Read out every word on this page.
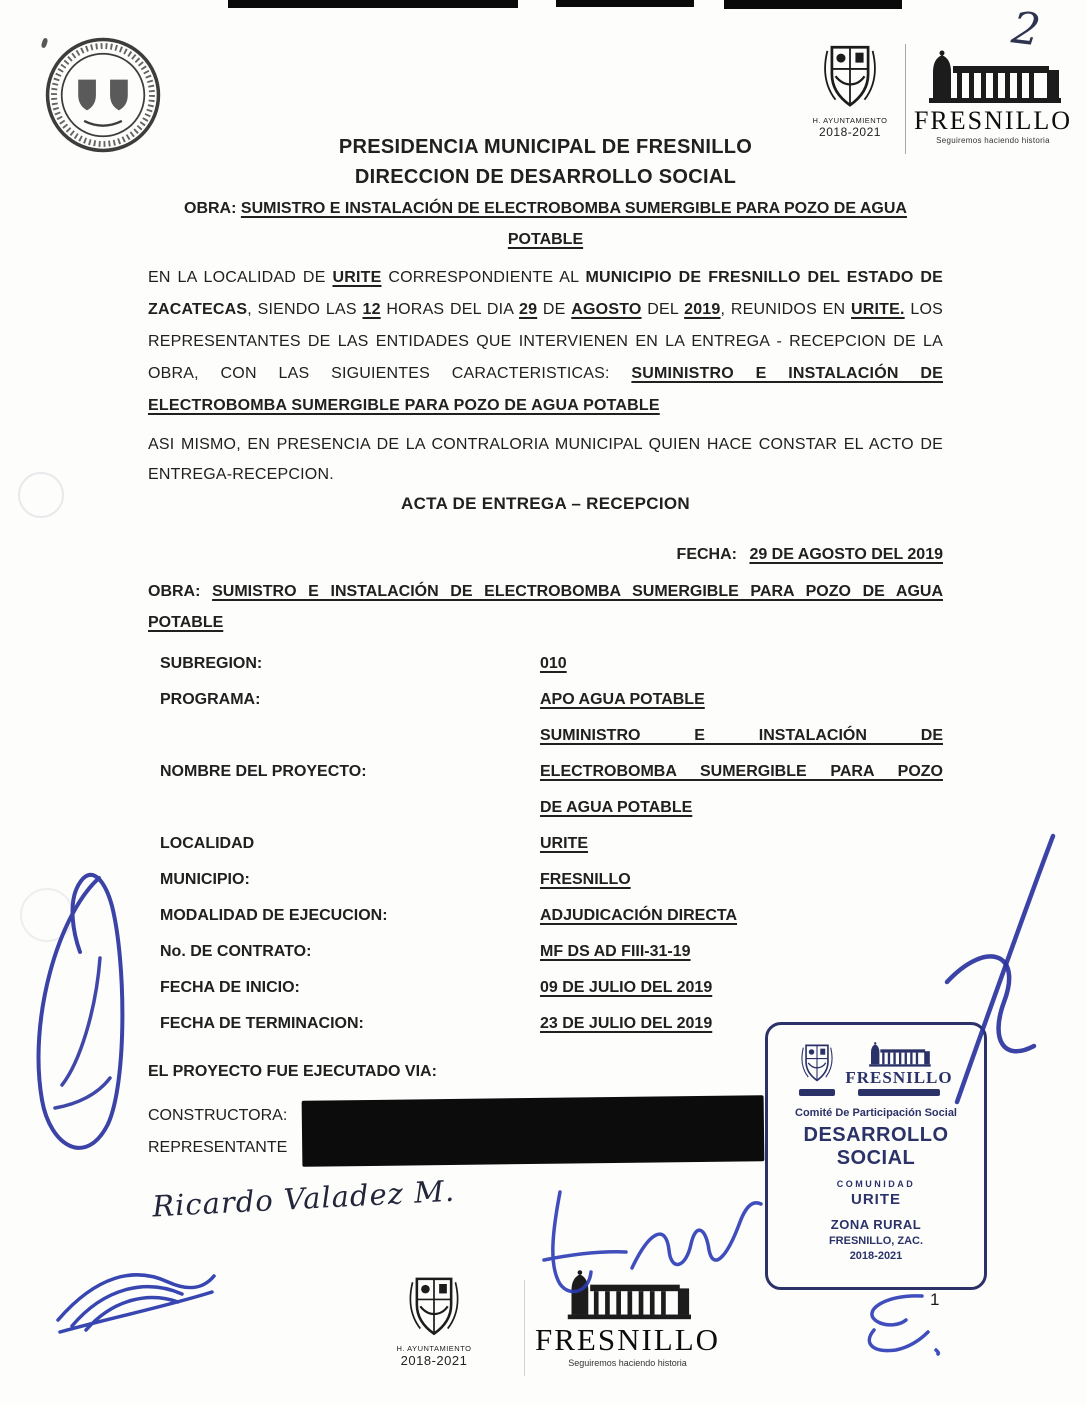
2
H. AYUNTAMIENTO
2018-2021	FRESNILLO
Seguiremos haciendo historia
PRESIDENCIA MUNICIPAL DE FRESNILLO
DIRECCION DE DESARROLLO SOCIAL
OBRA: SUMISTRO E INSTALACIÓN DE ELECTROBOMBA SUMERGIBLE PARA POZO DE AGUA
POTABLE

EN LA LOCALIDAD DE URITE CORRESPONDIENTE AL MUNICIPIO DE FRESNILLO DEL ESTADO DE ZACATECAS, SIENDO LAS 12 HORAS DEL DIA 29 DE AGOSTO DEL 2019, REUNIDOS EN URITE. LOS REPRESENTANTES DE LAS ENTIDADES QUE INTERVIENEN EN LA ENTREGA - RECEPCION DE LA OBRA, CON LAS SIGUIENTES CARACTERISTICAS: SUMINISTRO E INSTALACIÓN DE ELECTROBOMBA SUMERGIBLE PARA POZO DE AGUA POTABLE

ASI MISMO, EN PRESENCIA DE LA CONTRALORIA MUNICIPAL QUIEN HACE CONSTAR EL ACTO DE ENTREGA-RECEPCION.

ACTA DE ENTREGA – RECEPCION
FECHA: 29 DE AGOSTO DEL 2019
OBRA: SUMISTRO E INSTALACIÓN DE ELECTROBOMBA SUMERGIBLE PARA POZO DE AGUA POTABLE
SUBREGION:	010
PROGRAMA:	APO AGUA POTABLE
NOMBRE DEL PROYECTO:
SUMINISTRO E INSTALACIÓN DE
ELECTROBOMBA SUMERGIBLE PARA POZO
DE AGUA POTABLE
LOCALIDAD	URITE
MUNICIPIO:	FRESNILLO
MODALIDAD DE EJECUCION:	ADJUDICACIÓN DIRECTA
No. DE CONTRATO:	MF DS AD FIII-31-19
FECHA DE INICIO:	09 DE JULIO DEL 2019
FECHA DE TERMINACION:	23 DE JULIO DEL 2019
EL PROYECTO FUE EJECUTADO VIA:
CONSTRUCTORA:
REPRESENTANTE
Ricardo Valadez M.
FRESNILLO
Comité De Participación Social
DESARROLLO SOCIAL
COMUNIDAD
URITE
ZONA RURAL
FRESNILLO, ZAC.
2018-2021
H. AYUNTAMIENTO
2018-2021
FRESNILLO
Seguiremos haciendo historia
1
